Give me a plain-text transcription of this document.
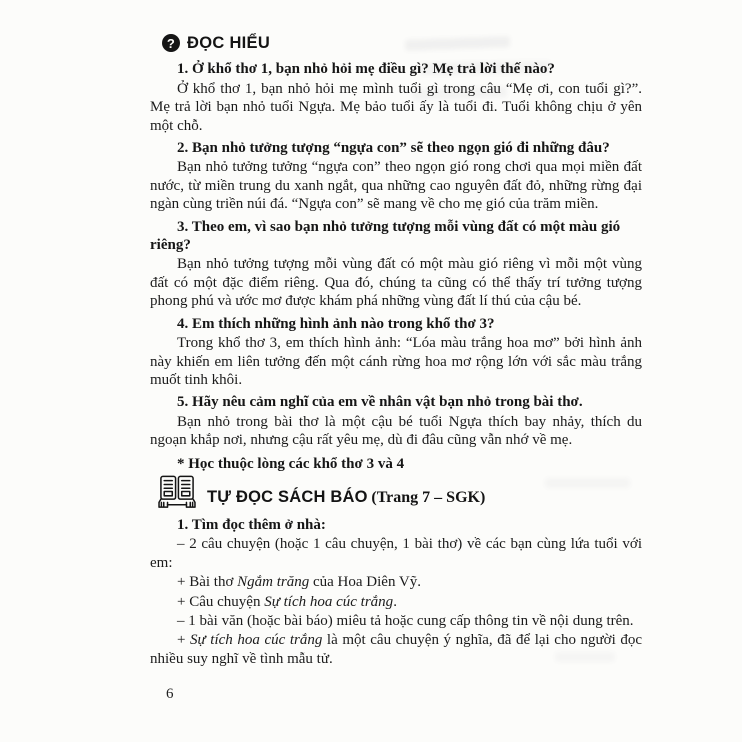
? ĐỌC HIỂU

1. Ở khổ thơ 1, bạn nhỏ hỏi mẹ điều gì? Mẹ trả lời thế nào?

Ở khổ thơ 1, bạn nhỏ hỏi mẹ mình tuổi gì trong câu “Mẹ ơi, con tuổi gì?”. Mẹ trả lời bạn nhỏ tuổi Ngựa. Mẹ bảo tuổi ấy là tuổi đi. Tuổi không chịu ở yên một chỗ.

2. Bạn nhỏ tưởng tượng “ngựa con” sẽ theo ngọn gió đi những đâu?

Bạn nhỏ tưởng tưởng “ngựa con” theo ngọn gió rong chơi qua mọi miền đất nước, từ miền trung du xanh ngắt, qua những cao nguyên đất đỏ, những rừng đại ngàn cùng triền núi đá. “Ngựa con” sẽ mang về cho mẹ gió của trăm miền.

3. Theo em, vì sao bạn nhỏ tưởng tượng mỗi vùng đất có một màu gió riêng?

Bạn nhỏ tưởng tượng mỗi vùng đất có một màu gió riêng vì mỗi một vùng đất có một đặc điểm riêng. Qua đó, chúng ta cũng có thể thấy trí tưởng tượng phong phú và ước mơ được khám phá những vùng đất lí thú của cậu bé.

4. Em thích những hình ảnh nào trong khổ thơ 3?

Trong khổ thơ 3, em thích hình ảnh: “Lóa màu trắng hoa mơ” bởi hình ảnh này khiến em liên tưởng đến một cánh rừng hoa mơ rộng lớn với sắc màu trắng muốt tinh khôi.

5. Hãy nêu cảm nghĩ của em về nhân vật bạn nhỏ trong bài thơ.

Bạn nhỏ trong bài thơ là một cậu bé tuổi Ngựa thích bay nhảy, thích du ngoạn khắp nơi, nhưng cậu rất yêu mẹ, dù đi đâu cũng vẫn nhớ về mẹ.

* Học thuộc lòng các khổ thơ 3 và 4

TỰ ĐỌC SÁCH BÁO (Trang 7 – SGK)

1. Tìm đọc thêm ở nhà:

– 2 câu chuyện (hoặc 1 câu chuyện, 1 bài thơ) về các bạn cùng lứa tuổi với em:

+ Bài thơ Ngắm trăng của Hoa Diên Vỹ.

+ Câu chuyện Sự tích hoa cúc trắng.

– 1 bài văn (hoặc bài báo) miêu tả hoặc cung cấp thông tin về nội dung trên.

+ Sự tích hoa cúc trắng là một câu chuyện ý nghĩa, đã để lại cho người đọc nhiều suy nghĩ về tình mẫu tử.

6
